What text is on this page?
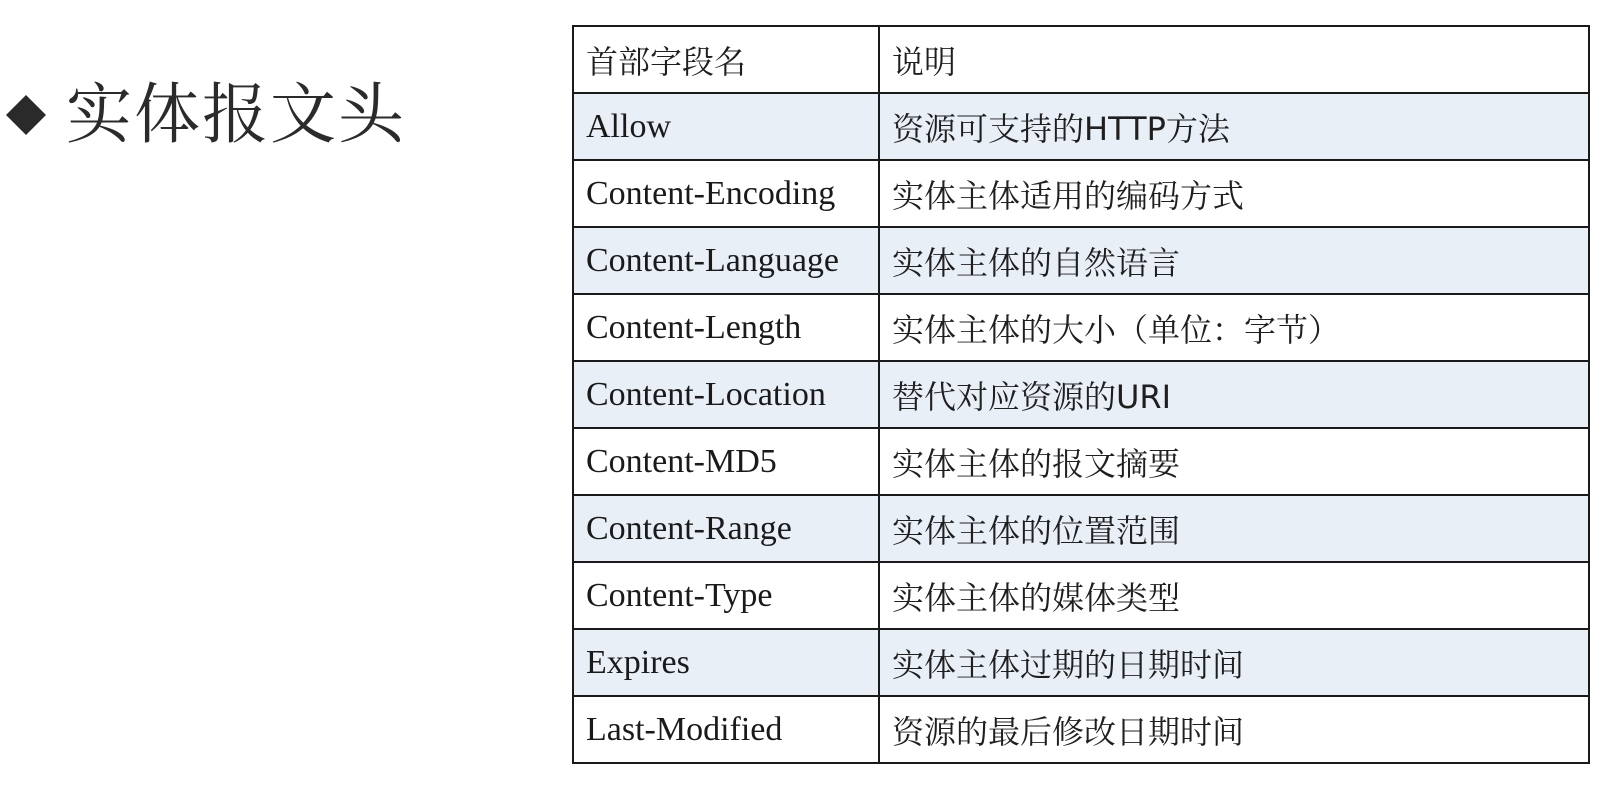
实体报文头
首部字段名	说明
Allow	资源可支持的HTTP方法
Content-Encoding	实体主体适用的编码方式
Content-Language	实体主体的自然语言
Content-Length	实体主体的大小（单位：字节）
Content-Location	替代对应资源的URI
Content-MD5	实体主体的报文摘要
Content-Range	实体主体的位置范围
Content-Type	实体主体的媒体类型
Expires	实体主体过期的日期时间
Last-Modified	资源的最后修改日期时间
